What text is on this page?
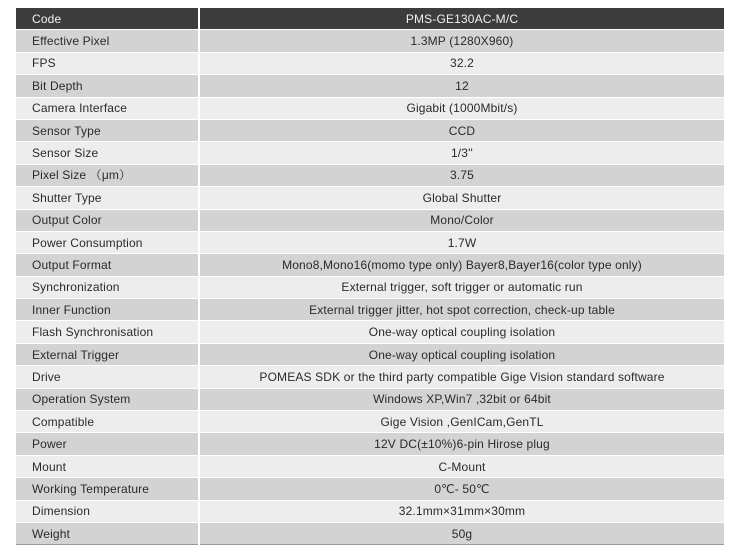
Code	PMS-GE130AC-M/C
Effective Pixel	1.3MP (1280X960)
FPS	32.2
Bit Depth	12
Camera Interface	Gigabit (1000Mbit/s)
Sensor Type	CCD
Sensor Size	1/3''
Pixel Size （μm）	3.75
Shutter Type	Global Shutter
Output Color	Mono/Color
Power Consumption	1.7W
Output Format	Mono8,Mono16(momo type only) Bayer8,Bayer16(color type only)
Synchronization	External trigger, soft trigger or automatic run
Inner Function	External trigger jitter, hot spot correction, check-up table
Flash Synchronisation	One-way optical coupling isolation
External Trigger	One-way optical coupling isolation
Drive	POMEAS SDK or the third party compatible Gige Vision standard software
Operation System	Windows XP,Win7 ,32bit or 64bit
Compatible	Gige Vision ,GenICam,GenTL
Power	12V DC(±10%)6-pin Hirose plug
Mount	C-Mount
Working Temperature	0℃- 50℃
Dimension	32.1mm×31mm×30mm
Weight	50g
